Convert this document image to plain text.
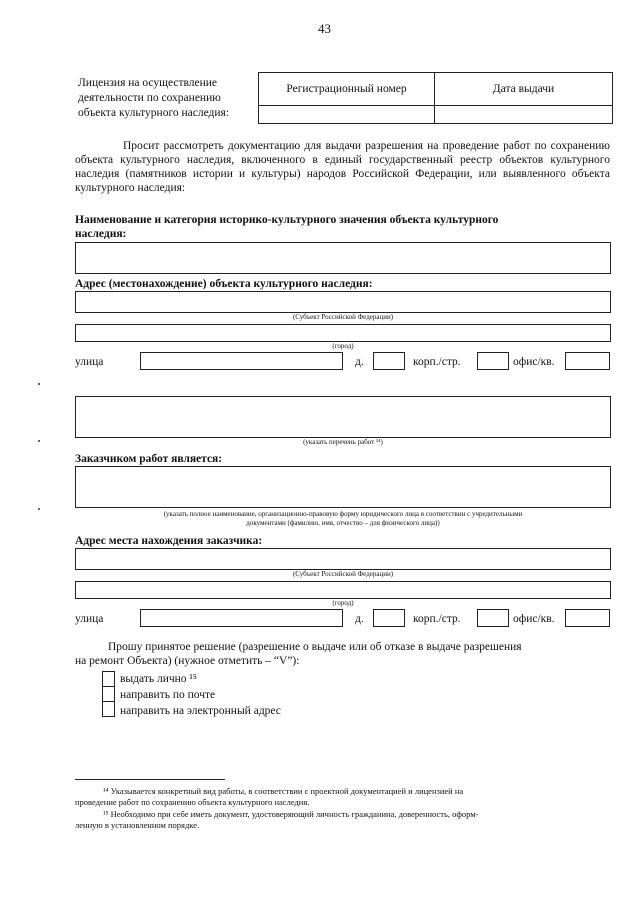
43
Лицензия на осуществление
деятельности по сохранению
объекта культурного наследия:
Регистрационный номер	Дата выдачи

Просит рассмотреть документацию для выдачи разрешения на проведение работ по сохранению объекта культурного наследия, включенного в единый государственный реестр объектов культурного наследия (памятников истории и культуры) народов Российской Федерации, или выявленного объекта культурного наследия:
Наименование и категория историко-культурного значения объекта культурного
наследия:
Адрес (местонахождение) объекта культурного наследия:
(Субъект Российской Федерации)
(город)
улица	д.	корп./стр.	офис/кв.
(указать перечень работ ¹⁴)
Заказчиком работ является:
(указать полное наименование, организационно-правовую форму юридического лица в соответствии с учредительными
документами (фамилию, имя, отчество – для физического лица))
Адрес места нахождения заказчика:
(Субъект Российской Федерации)
(город)
улица	д.	корп./стр.	офис/кв.
Прошу принятое решение (разрешение о выдаче или об отказе в выдаче разрешения
на ремонт Объекта) (нужное отметить – “V”):
выдать лично ¹⁵
направить по почте
направить на электронный адрес
¹⁴ Указывается конкретный вид работы, в соответствии с проектной документацией и лицензией на
проведение работ по сохранению объекта культурного наследия.
¹⁵ Необходимо при себе иметь документ, удостоверяющий личность гражданина, доверенность, оформ-
ленную в установленном порядке.
